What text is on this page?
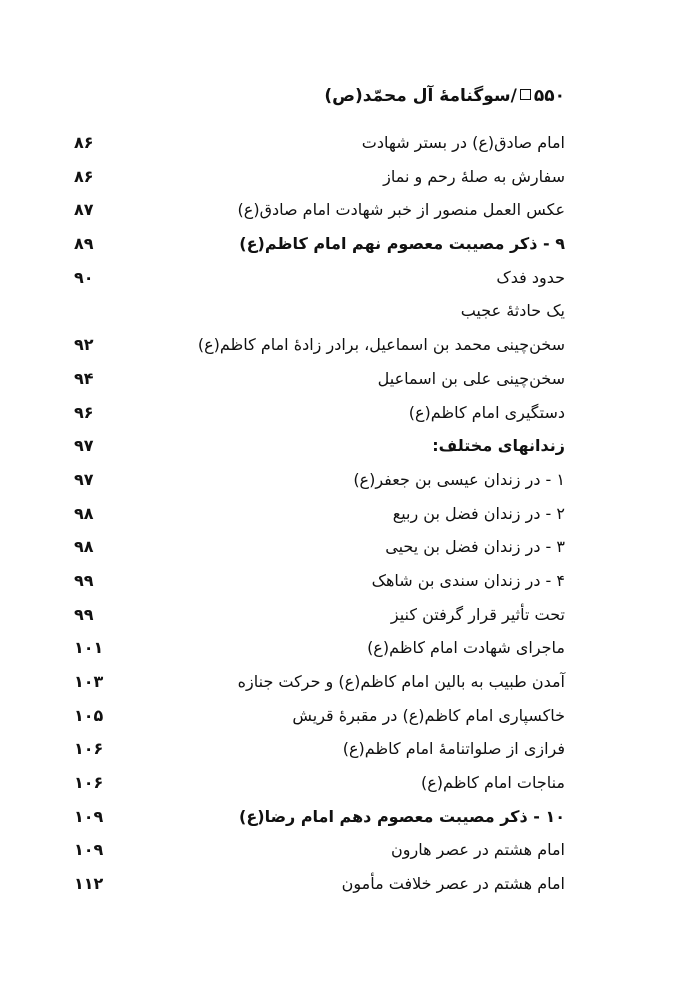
۵۵۰/سوگنامهٔ آل محمّد(ص)
امام صادق(ع) در بستر شهادت
۸۶
سفارش به صلهٔ رحم و نماز
۸۶
عکس العمل منصور از خبر شهادت امام صادق(ع)
۸۷
۹ - ذکر مصیبت معصوم نهم امام کاظم(ع)
۸۹
حدود فدک
۹۰
یک حادثهٔ عجیب
سخن‌چینی محمد بن اسماعیل، برادر زادهٔ امام کاظم(ع)
۹۲
سخن‌چینی علی بن اسماعیل
۹۴
دستگیری امام کاظم(ع)
۹۶
زندانهای مختلف:
۹۷
۱ - در زندان عیسی بن جعفر(ع)
۹۷
۲ - در زندان فضل بن ربیع
۹۸
۳ - در زندان فضل بن یحیی
۹۸
۴ - در زندان سندی بن شاهک
۹۹
تحت تأثیر قرار گرفتن کنیز
۹۹
ماجرای شهادت امام کاظم(ع)
۱۰۱
آمدن طبیب به بالین امام کاظم(ع) و حرکت جنازه
۱۰۳
خاکسپاری امام کاظم(ع) در مقبرهٔ قریش
۱۰۵
فرازی از صلواتنامهٔ امام کاظم(ع)
۱۰۶
مناجات امام کاظم(ع)
۱۰۶
۱۰ - ذکر مصیبت معصوم دهم امام رضا(ع)
۱۰۹
امام هشتم در عصر هارون
۱۰۹
امام هشتم در عصر خلافت مأمون
۱۱۲
